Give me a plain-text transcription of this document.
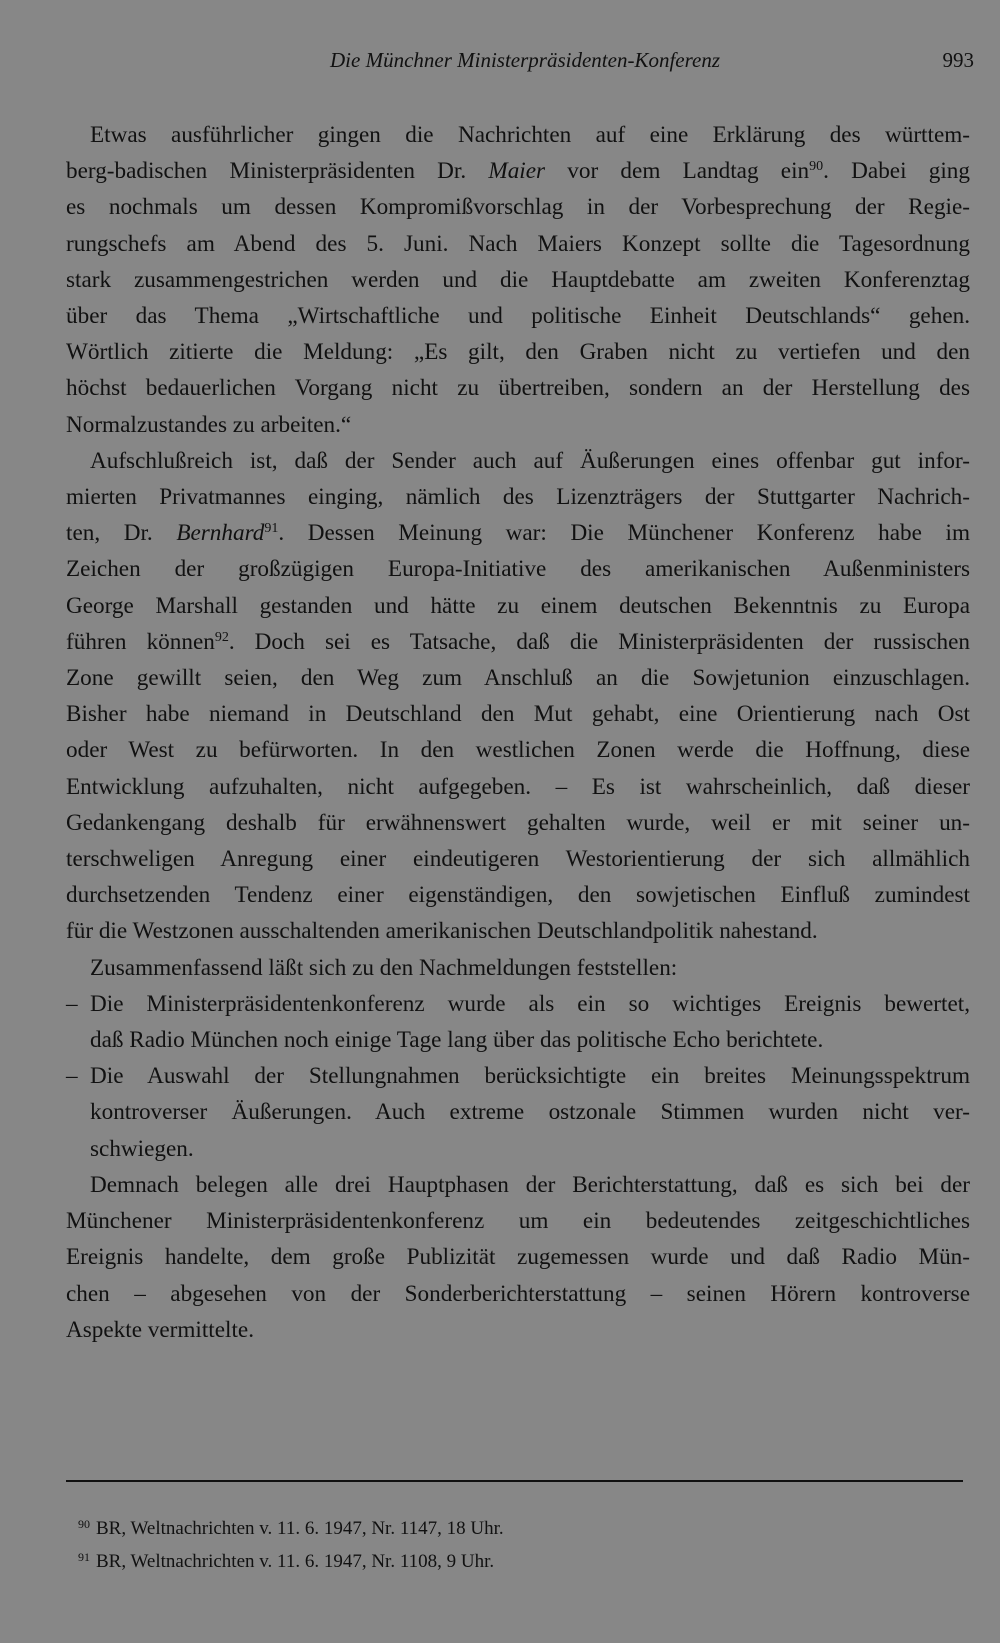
Die Münchner Ministerpräsidenten-Konferenz	993
Etwas ausführlicher gingen die Nachrichten auf eine Erklärung des württem-
berg-badischen Ministerpräsidenten Dr. Maier vor dem Landtag ein$^{90}$. Dabei ging
es nochmals um dessen Kompromißvorschlag in der Vorbesprechung der Regie-
rungschefs am Abend des 5. Juni. Nach Maiers Konzept sollte die Tagesordnung
stark zusammengestrichen werden und die Hauptdebatte am zweiten Konferenztag
über das Thema „Wirtschaftliche und politische Einheit Deutschlands“ gehen.
Wörtlich zitierte die Meldung: „Es gilt, den Graben nicht zu vertiefen und den
höchst bedauerlichen Vorgang nicht zu übertreiben, sondern an der Herstellung des
Normalzustandes zu arbeiten.“
Aufschlußreich ist, daß der Sender auch auf Äußerungen eines offenbar gut infor-
mierten Privatmannes einging, nämlich des Lizenzträgers der Stuttgarter Nachrich-
ten, Dr. Bernhard$^{91}$. Dessen Meinung war: Die Münchener Konferenz habe im
Zeichen der großzügigen Europa-Initiative des amerikanischen Außenministers
George Marshall gestanden und hätte zu einem deutschen Bekenntnis zu Europa
führen können$^{92}$. Doch sei es Tatsache, daß die Ministerpräsidenten der russischen
Zone gewillt seien, den Weg zum Anschluß an die Sowjetunion einzuschlagen.
Bisher habe niemand in Deutschland den Mut gehabt, eine Orientierung nach Ost
oder West zu befürworten. In den westlichen Zonen werde die Hoffnung, diese
Entwicklung aufzuhalten, nicht aufgegeben. – Es ist wahrscheinlich, daß dieser
Gedankengang deshalb für erwähnenswert gehalten wurde, weil er mit seiner un-
terschweligen Anregung einer eindeutigeren Westorientierung der sich allmählich
durchsetzenden Tendenz einer eigenständigen, den sowjetischen Einfluß zumindest
für die Westzonen ausschaltenden amerikanischen Deutschlandpolitik nahestand.
Zusammenfassend läßt sich zu den Nachmeldungen feststellen:
– Die Ministerpräsidentenkonferenz wurde als ein so wichtiges Ereignis bewertet,
daß Radio München noch einige Tage lang über das politische Echo berichtete.
– Die Auswahl der Stellungnahmen berücksichtigte ein breites Meinungsspektrum
kontroverser Äußerungen. Auch extreme ostzonale Stimmen wurden nicht ver-
schwiegen.
Demnach belegen alle drei Hauptphasen der Berichterstattung, daß es sich bei der
Münchener Ministerpräsidentenkonferenz um ein bedeutendes zeitgeschichtliches
Ereignis handelte, dem große Publizität zugemessen wurde und daß Radio Mün-
chen – abgesehen von der Sonderberichterstattung – seinen Hörern kontroverse
Aspekte vermittelte.
$^{90}$ BR, Weltnachrichten v. 11. 6. 1947, Nr. 1147, 18 Uhr.
$^{91}$ BR, Weltnachrichten v. 11. 6. 1947, Nr. 1108, 9 Uhr.
